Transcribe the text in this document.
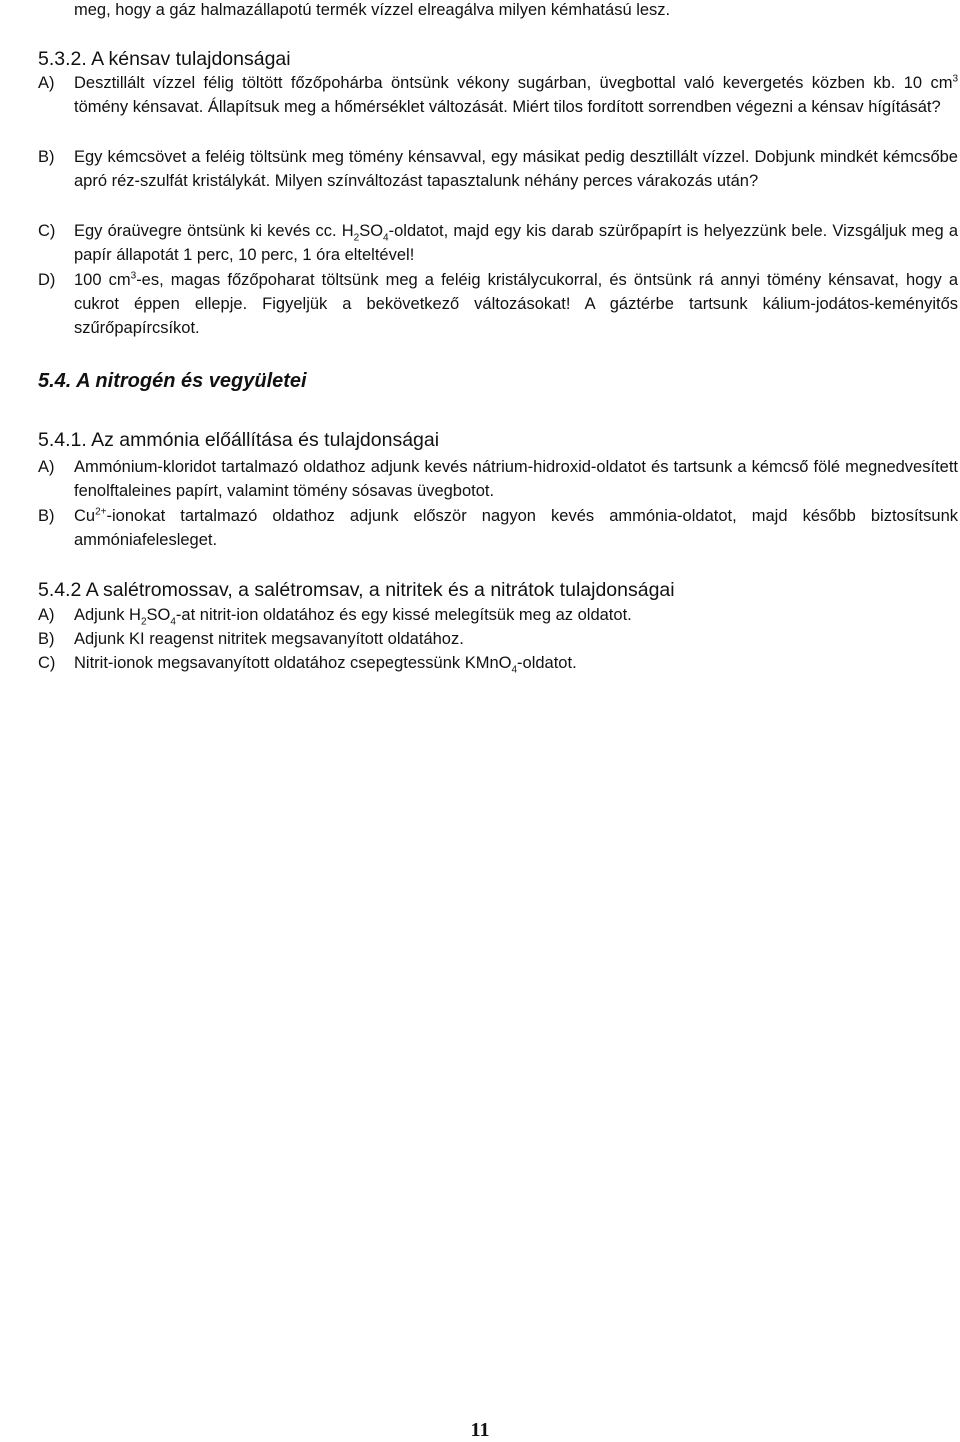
meg, hogy a gáz halmazállapotú termék vízzel elreagálva milyen kémhatású lesz.

5.3.2. A kénsav tulajdonságai

A)	Desztillált vízzel félig töltött főzőpohárba öntsünk vékony sugárban, üvegbottal való kevergetés közben kb. 10 $cm^3$ tömény kénsavat. Állapítsuk meg a hőmérséklet változását. Miért tilos fordított sorrendben végezni a kénsav hígítását?
B)	Egy kémcsövet a feléig töltsünk meg tömény kénsavval, egy másikat pedig desztillált vízzel. Dobjunk mindkét kémcsőbe apró réz-szulfát kristálykát. Milyen színváltozást tapasztalunk néhány perces várakozás után?
C)	Egy óraüvegre öntsünk ki kevés cc. $H_2SO_4$-oldatot, majd egy kis darab szürőpapírt is helyezzünk bele. Vizsgáljuk meg a papír állapotát 1 perc, 10 perc, 1 óra elteltével!
D)	100 $cm^3-es$, magas főzőpoharat töltsünk meg a feléig kristálycukorral, és öntsünk rá annyi tömény kénsavat, hogy a cukrot éppen ellepje. Figyeljük a bekövetkező változásokat! A gáztérbe tartsunk kálium-jodátos-keményitős szűrőpapírcsíkot.

5.4. A nitrogén és vegyületei

5.4.1. Az ammónia előállítása és tulajdonságai

A)	Ammónium-kloridot tartalmazó oldathoz adjunk kevés nátrium-hidroxid-oldatot és tartsunk a kémcső fölé megnedvesített fenolftaleines papírt, valamint tömény sósavas üvegbotot.
B)	$Cu^{2+}$-ionokat tartalmazó oldathoz adjunk először nagyon kevés ammónia-oldatot, majd később biztosítsunk ammóniafelesleget.

5.4.2 A salétromossav, a salétromsav, a nitritek és a nitrátok tulajdonságai

A)	Adjunk $H_2SO_4-at$ nitrit-ion oldatához és egy kissé melegítsük meg az oldatot.
B)	Adjunk KI reagenst nitritek megsavanyított oldatához.
C)	Nitrit-ionok megsavanyított oldatához csepegtessünk KMnO$_4$-oldatot.
11
